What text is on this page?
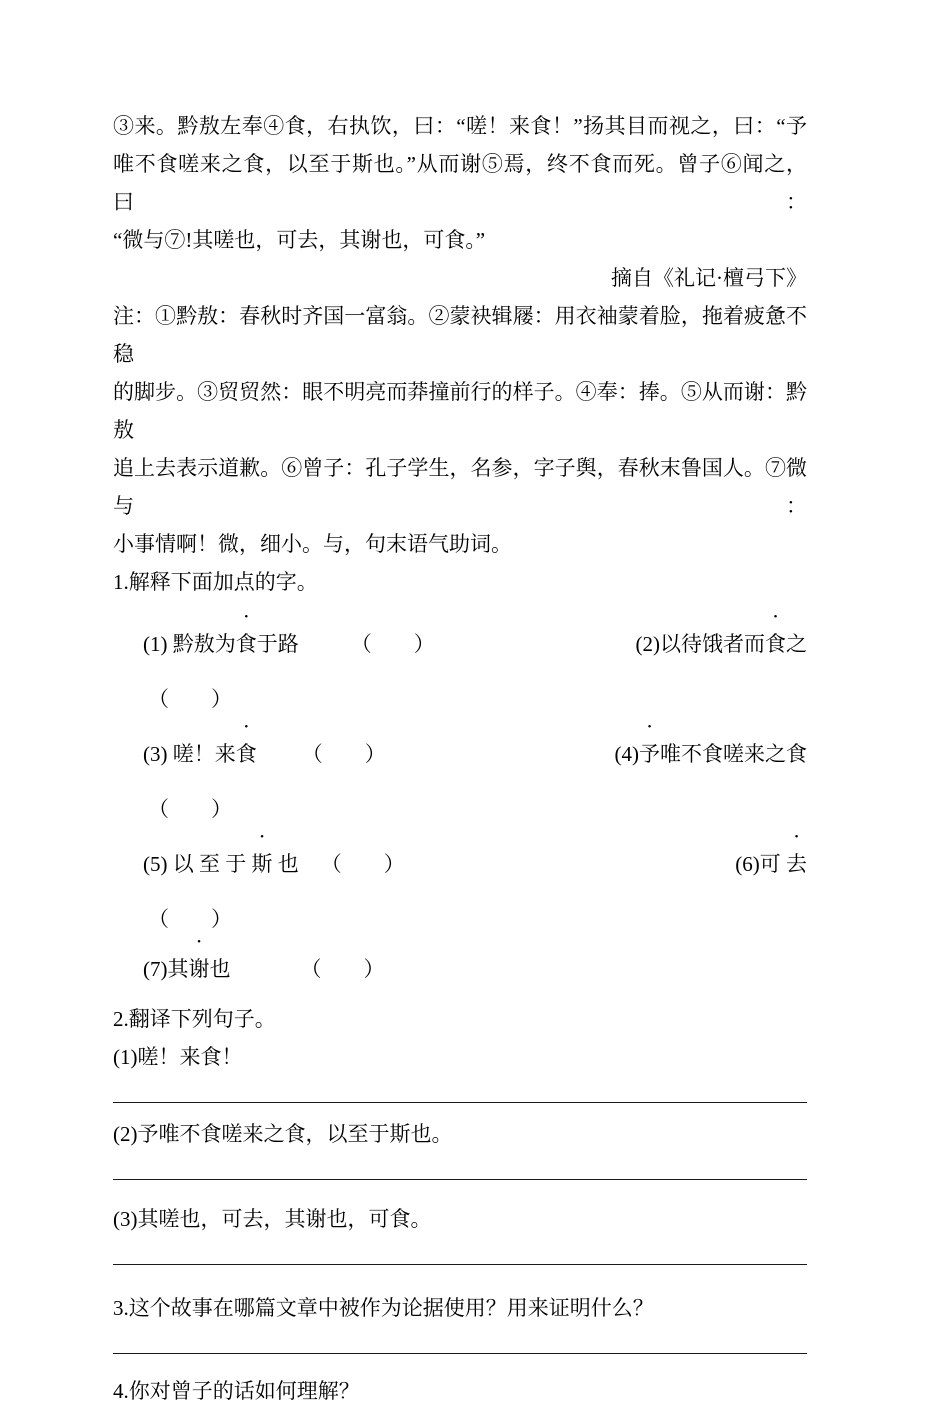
③来。黔敖左奉④食，右执饮，曰：“嗟！来食！”扬其目而视之，曰：“予
唯不食嗟来之食，以至于斯也。”从而谢⑤焉，终不食而死。曾子⑥闻之，曰：
“微与⑦!其嗟也，可去，其谢也，可食。”
摘自《礼记·檀弓下》
注：①黔敖：春秋时齐国一富翁。②蒙袂辑屦：用衣袖蒙着脸，拖着疲惫不稳
的脚步。③贸贸然：眼不明亮而莽撞前行的样子。④奉：捧。⑤从而谢：黔敖
追上去表示道歉。⑥曾子：孔子学生，名参，字子舆，春秋末鲁国人。⑦微与：
小事情啊！微，细小。与，句末语气助词。
1.解释下面加点的字。
(1) 黔敖为食于路 （　　）	(2)以待饿者而食之
（　　）
(3) 嗟！来食 （　　）	(4)予唯不食嗟来之食
（　　）
(5) 以 至 于 斯 也 （　　）	(6)可 去
（　　）
(7)其谢也	（　　）
2.翻译下列句子。
(1)嗟！来食！
(2)予唯不食嗟来之食，以至于斯也。
(3)其嗟也，可去，其谢也，可食。
3.这个故事在哪篇文章中被作为论据使用？用来证明什么？
4.你对曾子的话如何理解？
